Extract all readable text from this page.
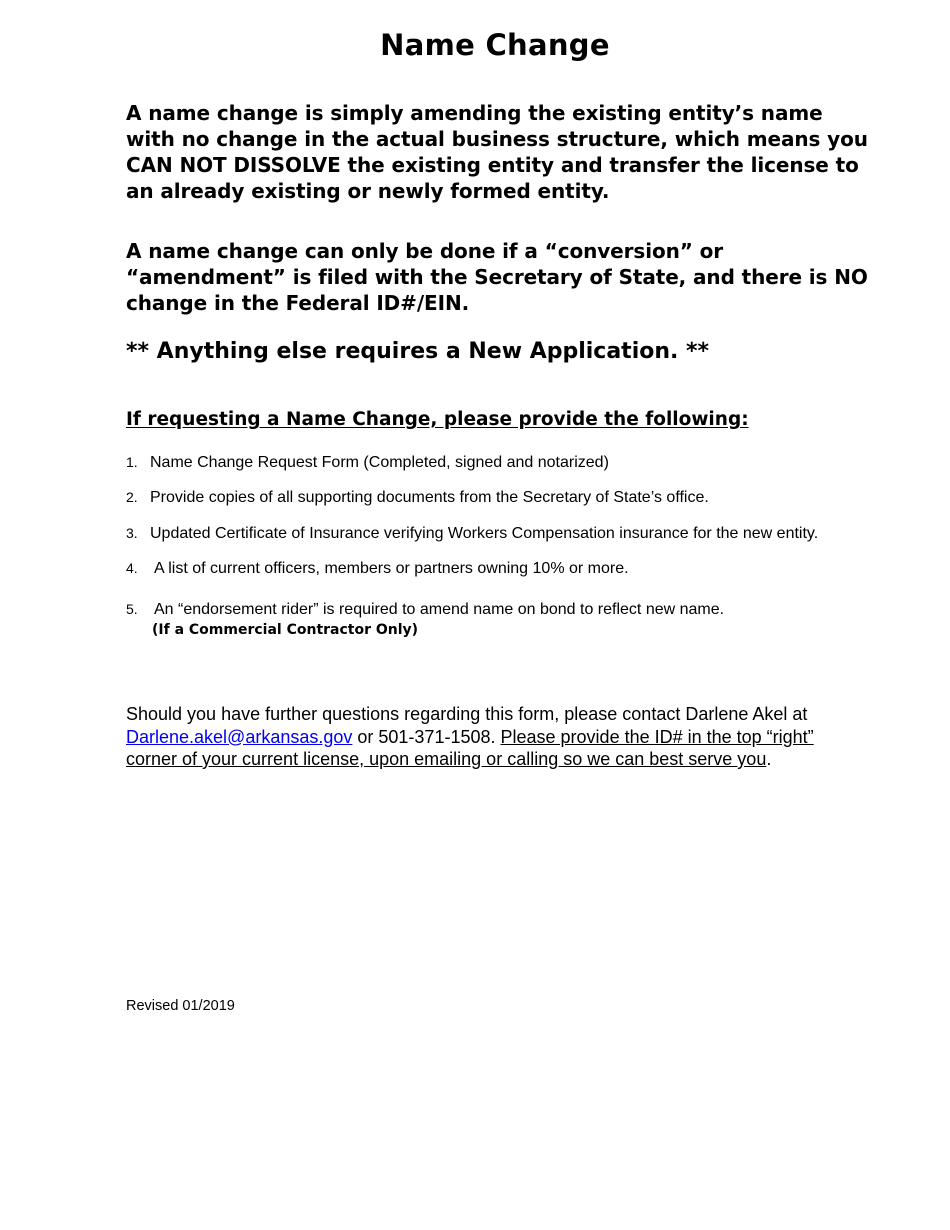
Name Change
A name change is simply amending the existing entity’s name with no change in the actual business structure, which means you CAN NOT DISSOLVE the existing entity and transfer the license to an already existing or newly formed entity.
A name change can only be done if a “conversion” or “amendment” is filed with the Secretary of State, and there is NO change in the Federal ID#/EIN.
** Anything else requires a New Application. **
If requesting a Name Change, please provide the following:
1. Name Change Request Form (Completed, signed and notarized)
2. Provide copies of all supporting documents from the Secretary of State’s office.
3. Updated Certificate of Insurance verifying Workers Compensation insurance for the new entity.
4. A list of current officers, members or partners owning 10% or more.
5. An “endorsement rider” is required to amend name on bond to reflect new name.
(If a Commercial Contractor Only)
Should you have further questions regarding this form, please contact Darlene Akel at Darlene.akel@arkansas.gov or 501-371-1508. Please provide the ID# in the top “right” corner of your current license, upon emailing or calling so we can best serve you.
Revised 01/2019
